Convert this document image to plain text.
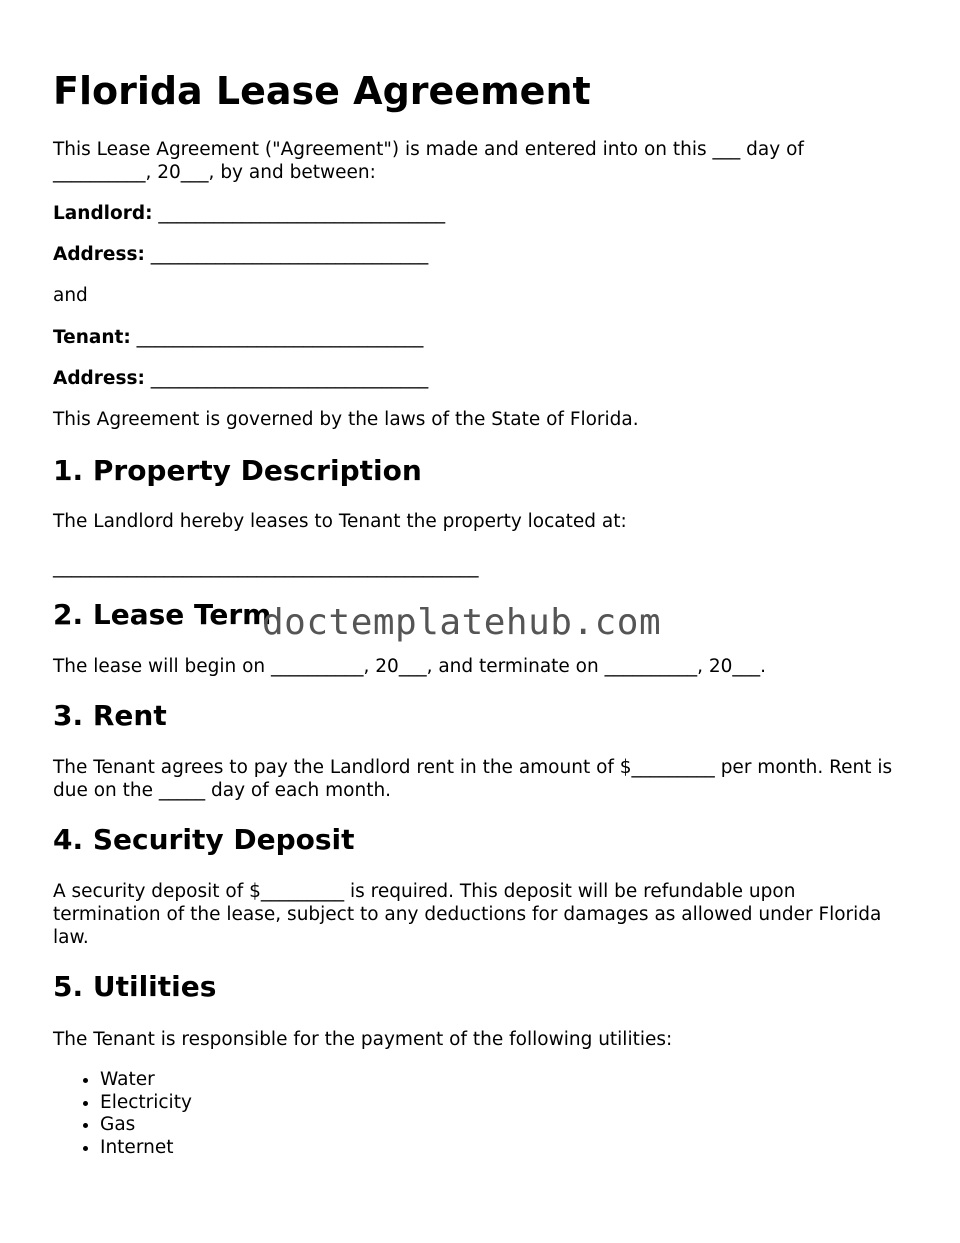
Florida Lease Agreement

This Lease Agreement ("Agreement") is made and entered into on this ___ day of
__________, 20___, by and between:

Landlord: _______________________________

Address: ______________________________

and

Tenant: _______________________________

Address: ______________________________

This Agreement is governed by the laws of the State of Florida.

1. Property Description

The Landlord hereby leases to Tenant the property located at:

______________________________________________

2. Lease Term

The lease will begin on __________, 20___, and terminate on __________, 20___.

3. Rent

The Tenant agrees to pay the Landlord rent in the amount of $_________ per month. Rent is
due on the _____ day of each month.

4. Security Deposit

A security deposit of $_________ is required. This deposit will be refundable upon
termination of the lease, subject to any deductions for damages as allowed under Florida
law.

5. Utilities

The Tenant is responsible for the payment of the following utilities:

• Water
• Electricity
• Gas
• Internet
doctemplatehub.com
